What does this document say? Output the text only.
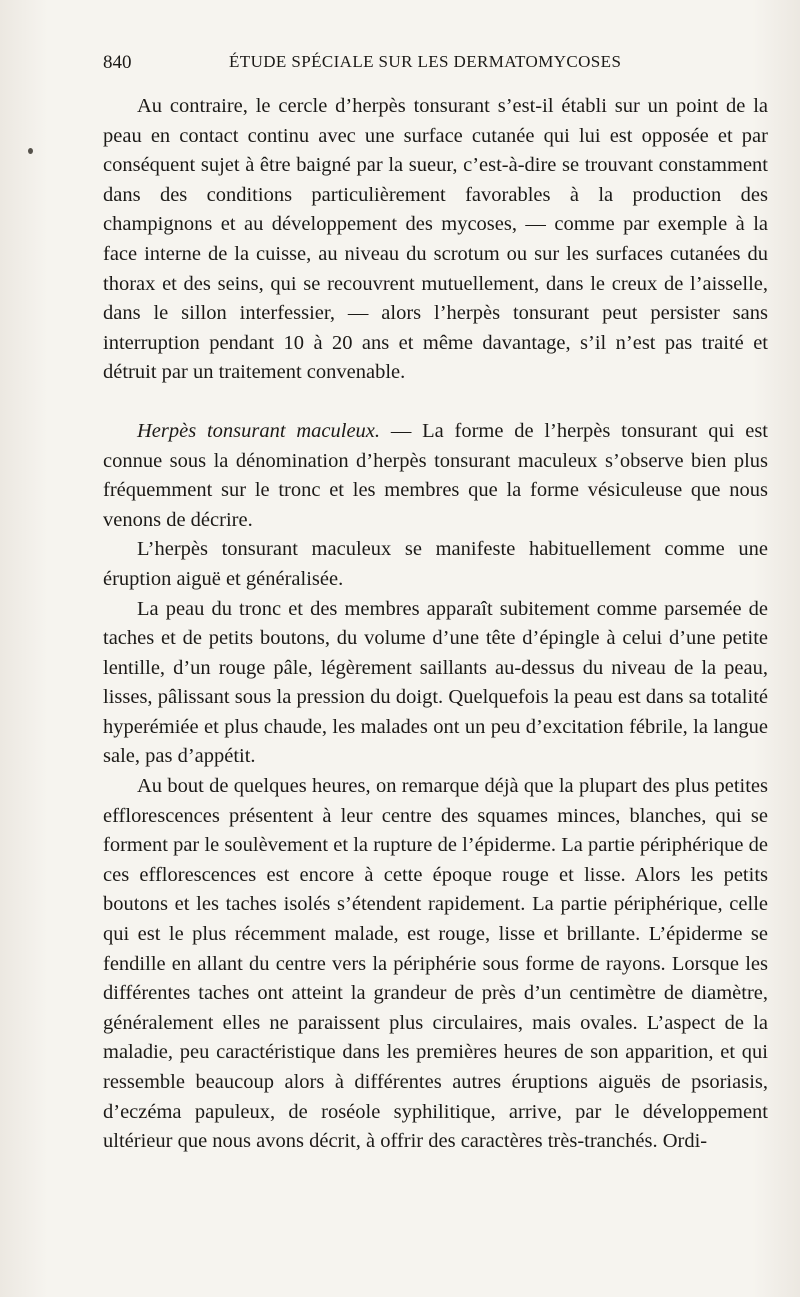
840	ÉTUDE SPÉCIALE SUR LES DERMATOMYCOSES

Au contraire, le cercle d’herpès tonsurant s’est-il établi sur un point de la peau en contact continu avec une surface cutanée qui lui est opposée et par conséquent sujet à être baigné par la sueur, c’est-à-dire se trouvant constamment dans des conditions particulièrement favorables à la production des champignons et au développement des mycoses, — comme par exemple à la face interne de la cuisse, au niveau du scrotum ou sur les surfaces cutanées du thorax et des seins, qui se recouvrent mutuellement, dans le creux de l’aisselle, dans le sillon interfessier, — alors l’herpès tonsurant peut persister sans interruption pendant 10 à 20 ans et même davantage, s’il n’est pas traité et détruit par un traitement convenable.

Herpès tonsurant maculeux. — La forme de l’herpès tonsurant qui est connue sous la dénomination d’herpès tonsurant maculeux s’observe bien plus fréquemment sur le tronc et les membres que la forme vésiculeuse que nous venons de décrire.

L’herpès tonsurant maculeux se manifeste habituellement comme une éruption aiguë et généralisée.

La peau du tronc et des membres apparaît subitement comme parsemée de taches et de petits boutons, du volume d’une tête d’épingle à celui d’une petite lentille, d’un rouge pâle, légèrement saillants au-dessus du niveau de la peau, lisses, pâlissant sous la pression du doigt. Quelquefois la peau est dans sa totalité hyperémiée et plus chaude, les malades ont un peu d’excitation fébrile, la langue sale, pas d’appétit.

Au bout de quelques heures, on remarque déjà que la plupart des plus petites efflorescences présentent à leur centre des squames minces, blanches, qui se forment par le soulèvement et la rupture de l’épiderme. La partie périphérique de ces efflorescences est encore à cette époque rouge et lisse. Alors les petits boutons et les taches isolés s’étendent rapidement. La partie périphérique, celle qui est le plus récemment malade, est rouge, lisse et brillante. L’épiderme se fendille en allant du centre vers la périphérie sous forme de rayons. Lorsque les différentes taches ont atteint la grandeur de près d’un centimètre de diamètre, généralement elles ne paraissent plus circulaires, mais ovales. L’aspect de la maladie, peu caractéristique dans les premières heures de son apparition, et qui ressemble beaucoup alors à différentes autres éruptions aiguës de psoriasis, d’eczéma papuleux, de roséole syphilitique, arrive, par le développement ultérieur que nous avons décrit, à offrir des caractères très-tranchés. Ordi-
